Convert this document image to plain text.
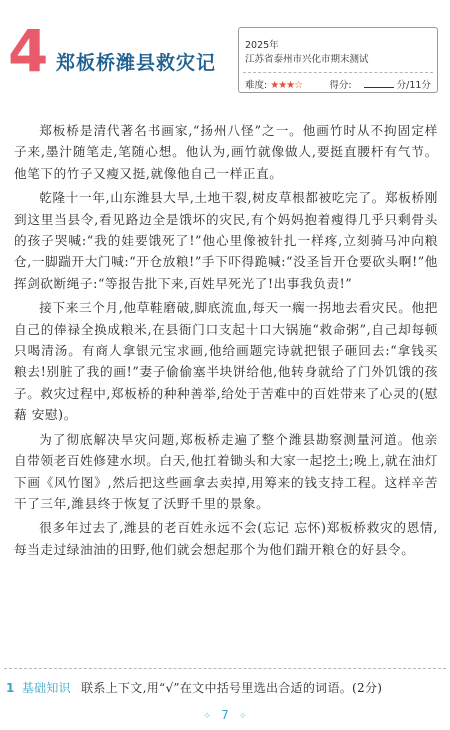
4 郑板桥潍县救灾记
2025年
江苏省泰州市兴化市期末测试
难度: ★★★☆	得分:	分/11分

郑板桥是清代著名书画家,“扬州八怪”之一。他画竹时从不拘固定样子来,墨汁随笔走,笔随心想。他认为,画竹就像做人,要挺直腰杆有气节。他笔下的竹子又瘦又挺,就像他自己一样正直。

乾隆十一年,山东潍县大旱,土地干裂,树皮草根都被吃完了。郑板桥刚到这里当县令,看见路边全是饿坏的灾民,有个妈妈抱着瘦得几乎只剩骨头的孩子哭喊:“我的娃要饿死了!”他心里像被针扎一样疼,立刻骑马冲向粮仓,一脚踹开大门喊:“开仓放粮!”手下吓得跪喊:“没圣旨开仓要砍头啊!”他挥剑砍断绳子:“等报告批下来,百姓早死光了!出事我负责!”

接下来三个月,他草鞋磨破,脚底流血,每天一瘸一拐地去看灾民。他把自己的俸禄全换成粮米,在县衙门口支起十口大锅施“救命粥”,自己却每顿只喝清汤。有商人拿银元宝求画,他给画题完诗就把银子砸回去:“拿钱买粮去!别脏了我的画!”妻子偷偷塞半块饼给他,他转身就给了门外饥饿的孩子。救灾过程中,郑板桥的种种善举,给处于苦难中的百姓带来了心灵的(慰藉 安慰)。

为了彻底解决旱灾问题,郑板桥走遍了整个潍县勘察测量河道。他亲自带领老百姓修建水坝。白天,他扛着锄头和大家一起挖土;晚上,就在油灯下画《风竹图》,然后把这些画拿去卖掉,用筹来的钱支持工程。这样辛苦干了三年,潍县终于恢复了沃野千里的景象。

很多年过去了,潍县的老百姓永远不会(忘记 忘怀)郑板桥救灾的恩情,每当走过绿油油的田野,他们就会想起那个为他们踹开粮仓的好县令。

1 基础知识 联系上下文,用“√”在文中括号里选出合适的词语。(2分)
✧ 7 ✧
